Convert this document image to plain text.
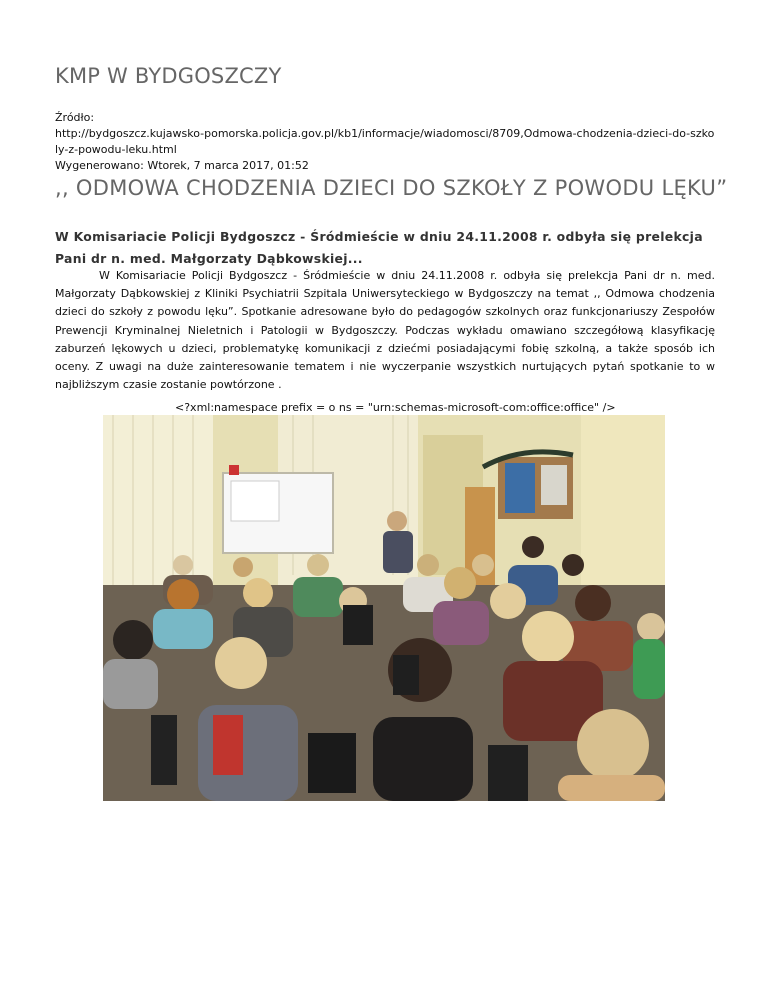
KMP W BYDGOSZCZY
Źródło:
http://bydgoszcz.kujawsko-pomorska.policja.gov.pl/kb1/informacje/wiadomosci/8709,Odmowa-chodzenia-dzieci-do-szkoly-z-powodu-leku.html
Wygenerowano: Wtorek, 7 marca 2017, 01:52
,, ODMOWA CHODZENIA DZIECI DO SZKOŁY Z POWODU LĘKU”
W Komisariacie Policji Bydgoszcz - Śródmieście w dniu 24.11.2008 r. odbyła się prelekcja Pani dr n. med. Małgorzaty Dąbkowskiej...
W Komisariacie Policji Bydgoszcz - Śródmieście w dniu 24.11.2008 r. odbyła się prelekcja Pani dr n. med. Małgorzaty Dąbkowskiej z Kliniki Psychiatrii Szpitala Uniwersyteckiego w Bydgoszczy na temat ,, Odmowa chodzenia dzieci do szkoły z powodu lęku”. Spotkanie adresowane było do pedagogów szkolnych oraz funkcjonariuszy Zespołów Prewencji Kryminalnej Nieletnich i Patologii w Bydgoszczy. Podczas wykładu omawiano szczegółową klasyfikację zaburzeń lękowych u dzieci, problematykę komunikacji z dziećmi posiadającymi fobię szkolną, a także sposób ich oceny. Z uwagi na duże zainteresowanie tematem i nie wyczerpanie wszystkich nurtujących pytań spotkanie to w najbliższym czasie zostanie powtórzone .
<?xml:namespace prefix = o ns = "urn:schemas-microsoft-com:office:office" />
